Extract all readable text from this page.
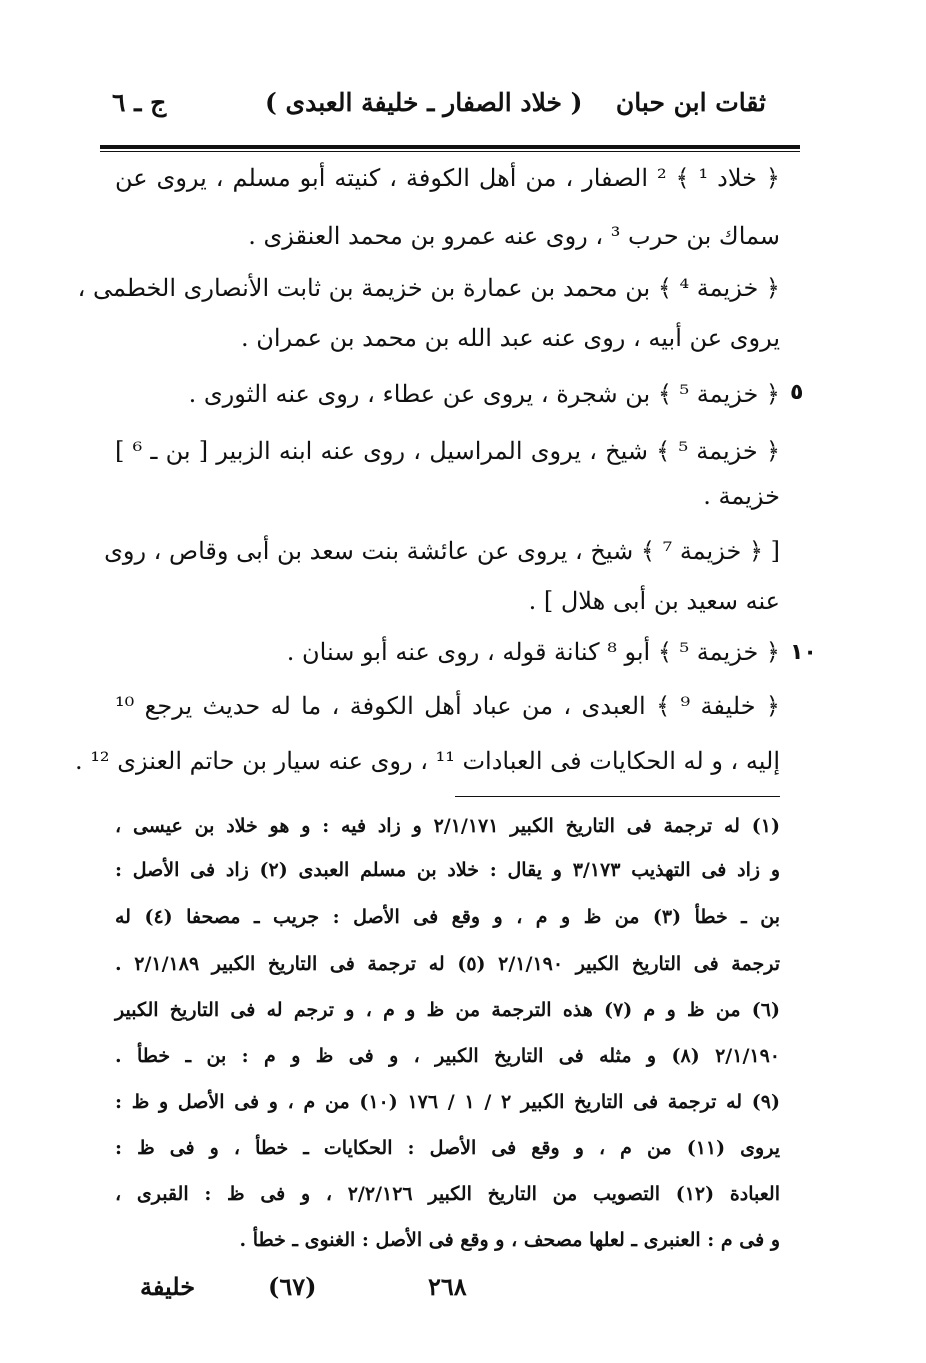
ثقات ابن حبان
( خلاد الصفار ـ خليفة العبدى )
ج ـ ٦
﴿ خلاد ¹ ﴾ ² الصفار ، من أهل الكوفة ، كنيته أبو مسلم ، يروى عن
سماك بن حرب ³ ، روى عنه عمرو بن محمد العنقزى .
﴿ خزيمة ⁴ ﴾ بن محمد بن عمارة بن خزيمة بن ثابت الأنصارى الخطمى ،
يروى عن أبيه ، روى عنه عبد الله بن محمد بن عمران .
٥
﴿ خزيمة ⁵ ﴾ بن شجرة ، يروى عن عطاء ، روى عنه الثورى .
﴿ خزيمة ⁵ ﴾ شيخ ، يروى المراسيل ، روى عنه ابنه الزبير [ بن ـ ⁶ ]
خزيمة .
[ ﴿ خزيمة ⁷ ﴾ شيخ ، يروى عن عائشة بنت سعد بن أبى وقاص ، روى
عنه سعيد بن أبى هلال ] .
١٠
﴿ خزيمة ⁵ ﴾ أبو ⁸ كنانة قوله ، روى عنه أبو سنان .
﴿ خليفة ⁹ ﴾ العبدى ، من عباد أهل الكوفة ، ما له حديث يرجع ¹⁰
إليه ، و له الحكايات فى العبادات ¹¹ ، روى عنه سيار بن حاتم العنزى ¹² .
(١) له ترجمة فى التاريخ الكبير ٢/١/١٧١ و زاد فيه : و هو خلاد بن عيسى ،
و زاد فى التهذيب ٣/١٧٣ و يقال : خلاد بن مسلم العبدى (٢) زاد فى الأصل :
بن ـ خطأ (٣) من ظ و م ، و وقع فى الأصل : جريب ـ مصحفا (٤) له
ترجمة فى التاريخ الكبير ٢/١/١٩٠ (٥) له ترجمة فى التاريخ الكبير ٢/١/١٨٩ .
(٦) من ظ و م (٧) هذه الترجمة من ظ و م ، و ترجم له فى التاريخ الكبير
٢/١/١٩٠ (٨) و مثله فى التاريخ الكبير ، و فى ظ و م : بن ـ خطأ .
(٩) له ترجمة فى التاريخ الكبير ٢ / ١ / ١٧٦ (١٠) من م ، و فى الأصل و ظ :
يروى (١١) من م ، و وقع فى الأصل : الحكايات ـ خطأ ، و فى ظ :
العبادة (١٢) التصويب من التاريخ الكبير ٢/٢/١٢٦ ، و فى ظ : القبرى ،
و فى م : العنبرى ـ لعلها مصحف ، و وقع فى الأصل : الغنوى ـ خطأ .
خليفة	(٦٧)	٢٦٨
